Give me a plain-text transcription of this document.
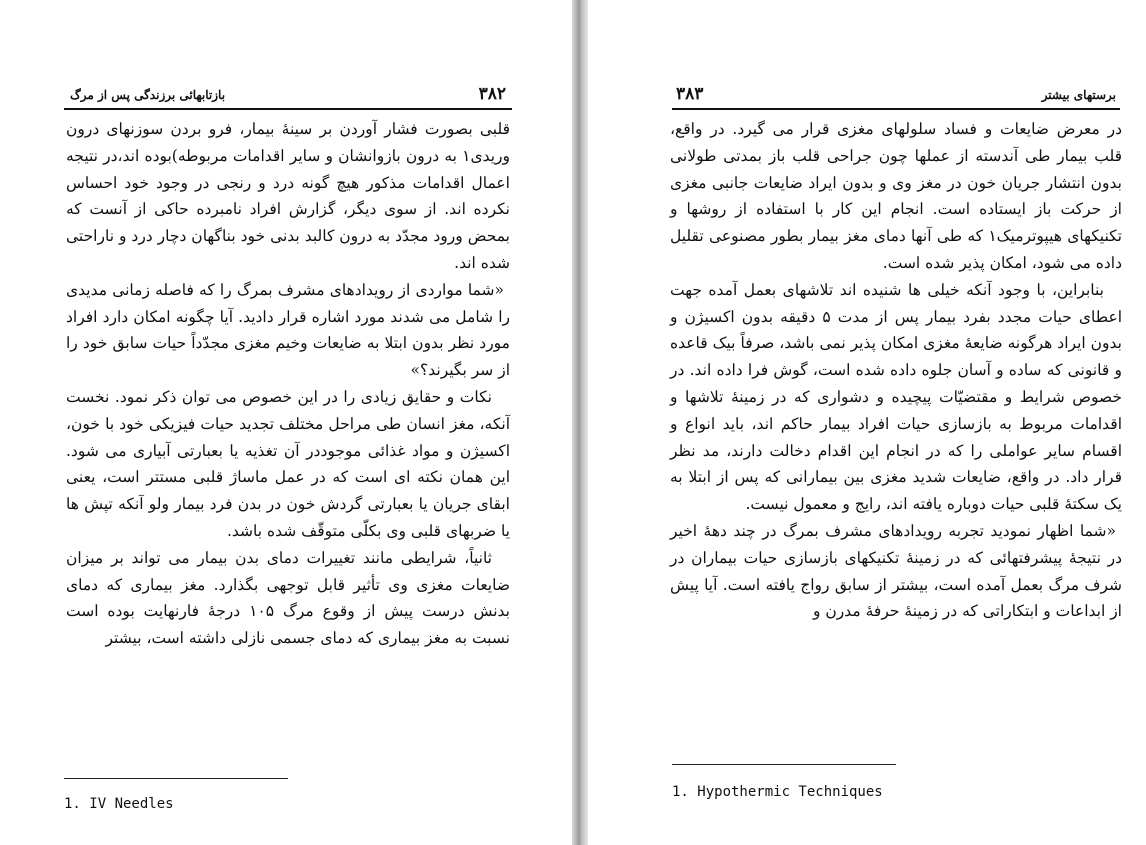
۳۸۲
بازتابهائی برزندگی پس از مرگ

قلبی بصورت فشار آوردن بر سینهٔ بیمار، فرو بردن سوزنهای درون وریدی۱ به درون بازوانشان و سایر اقدامات مربوطه)بوده اند،در نتیجه اعمال اقدامات مذکور هیچ گونه درد و رنجی در وجود خود احساس نکرده اند. از سوی دیگر، گزارش افراد نامبرده حاکی از آنست که بمحض ورود مجدّد به درون کالبد بدنی خود بناگهان دچار درد و ناراحتی شده اند.

«شما مواردی از رویدادهای مشرف بمرگ را که فاصله زمانی مدیدی را شامل می شدند مورد اشاره قرار دادید. آیا چگونه امکان دارد افراد مورد نظر بدون ابتلا به ضایعات وخیم مغزی مجدّداً حیات سابق خود را از سر بگیرند؟»

نکات و حقایق زیادی را در این خصوص می توان ذکر نمود. نخست آنکه، مغز انسان طی مراحل مختلف تجدید حیات فیزیکی خود با خون، اکسیژن و مواد غذائی موجوددر آن تغذیه یا بعبارتی آبیاری می شود. این همان نکته ای است که در عمل ماساژ قلبی مستتر است، یعنی ابقای جریان یا بعبارتی گردش خون در بدن فرد بیمار ولو آنکه تپش ها یا ضربهای قلبی وی بکلّی متوقّف شده باشد.

ثانیاً، شرایطی مانند تغییرات دمای بدن بیمار می تواند بر میزان ضایعات مغزی وی تأثیر قابل توجهی بگذارد. مغز بیماری که دمای بدنش درست پیش از وقوع مرگ ۱۰۵ درجهٔ فارنهایت بوده است نسبت به مغز بیماری که دمای جسمی نازلی داشته است، بیشتر

1. IV Needles
۳۸۳	برستهای بیشتر

در معرض ضایعات و فساد سلولهای مغزی قرار می گیرد. در واقع، قلب بیمار طی آندسته از عملها چون جراحی قلب باز بمدتی طولانی بدون انتشار جریان خون در مغز وی و بدون ایراد ضایعات جانبی مغزی از حرکت باز ایستاده است. انجام این کار با استفاده از روشها و تکنیکهای هیپوترمیک۱ که طی آنها دمای مغز بیمار بطور مصنوعی تقلیل داده می شود، امکان پذیر شده است.

بنابراین، با وجود آنکه خیلی ها شنیده اند تلاشهای بعمل آمده جهت اعطای حیات مجدد بفرد بیمار پس از مدت ۵ دقیقه بدون اکسیژن و بدون ایراد هرگونه ضایعهٔ مغزی امکان پذیر نمی باشد، صرفاً بیک قاعده و قانونی که ساده و آسان جلوه داده شده است، گوش فرا داده اند. در خصوص شرایط و مقتضیّات پیچیده و دشواری که در زمینهٔ تلاشها و اقدامات مربوط به بازسازی حیات افراد بیمار حاکم اند، باید انواع و اقسام سایر عواملی را که در انجام این اقدام دخالت دارند، مد نظر قرار داد. در واقع، ضایعات شدید مغزی بین بیمارانی که پس از ابتلا به یک سکتهٔ قلبی حیات دوباره یافته اند، رایج و معمول نیست.

«شما اظهار نمودید تجربه رویدادهای مشرف بمرگ در چند دههٔ اخیر در نتیجهٔ پیشرفتهائی که در زمینهٔ تکنیکهای بازسازی حیات بیماران در شرف مرگ بعمل آمده است، بیشتر از سابق رواج یافته است. آیا پیش از ابداعات و ابتکاراتی که در زمینهٔ حرفهٔ مدرن و

1. Hypothermic Techniques
